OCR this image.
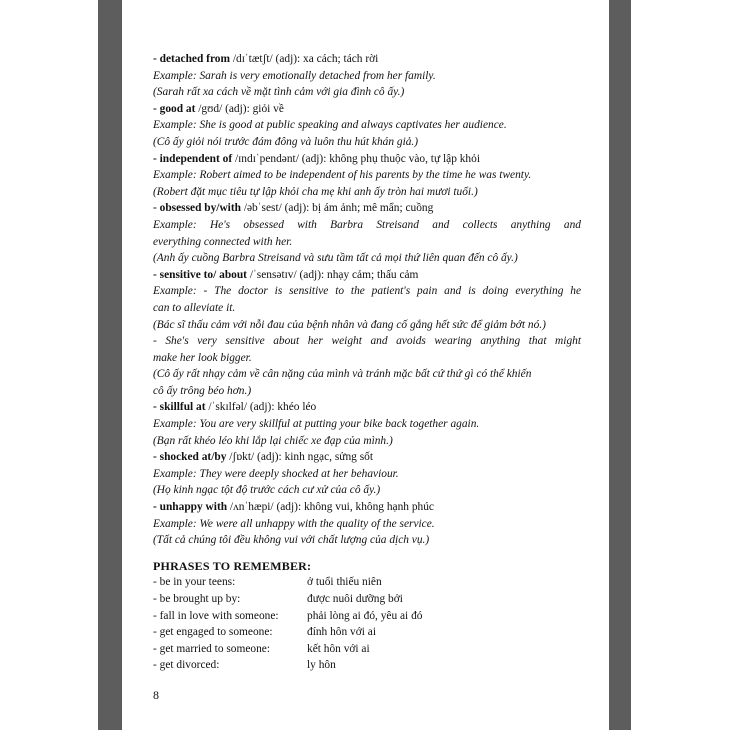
- detached from /dɪˈtætʃt/ (adj): xa cách; tách rời
Example: Sarah is very emotionally detached from her family.
(Sarah rất xa cách về mặt tình cảm với gia đình cô ấy.)
- good at /gʊd/ (adj): giỏi về
Example: She is good at public speaking and always captivates her audience.
(Cô ấy giỏi nói trước đám đông và luôn thu hút khán giả.)
- independent of /ɪndɪˈpendənt/ (adj): không phụ thuộc vào, tự lập khỏi
Example: Robert aimed to be independent of his parents by the time he was twenty.
(Robert đặt mục tiêu tự lập khỏi cha mẹ khi anh ấy tròn hai mươi tuổi.)
- obsessed by/with /əbˈsest/ (adj): bị ám ảnh; mê mẩn; cuồng
Example: He's obsessed with Barbra Streisand and collects anything and
everything connected with her.
(Anh ấy cuồng Barbra Streisand và sưu tầm tất cả mọi thứ liên quan đến cô ấy.)
- sensitive to/ about /ˈsensətɪv/ (adj): nhạy cảm; thấu cảm
Example: - The doctor is sensitive to the patient's pain and is doing everything he
can to alleviate it.
(Bác sĩ thấu cảm với nỗi đau của bệnh nhân và đang cố gắng hết sức để giảm bớt nó.)
- She's very sensitive about her weight and avoids wearing anything that might
make her look bigger.
(Cô ấy rất nhạy cảm về cân nặng của mình và tránh mặc bất cứ thứ gì có thể khiến
cô ấy trông béo hơn.)
- skillful at /ˈskɪlfəl/ (adj): khéo léo
Example: You are very skillful at putting your bike back together again.
(Bạn rất khéo léo khi lắp lại chiếc xe đạp của mình.)
- shocked at/by /ʃɒkt/ (adj): kinh ngạc, sửng sốt
Example: They were deeply shocked at her behaviour.
(Họ kinh ngạc tột độ trước cách cư xử của cô ấy.)
- unhappy with /ʌnˈhæpi/ (adj): không vui, không hạnh phúc
Example: We were all unhappy with the quality of the service.
(Tất cả chúng tôi đều không vui với chất lượng của dịch vụ.)
PHRASES TO REMEMBER:
- be in your teens:	ở tuổi thiếu niên
- be brought up by:	được nuôi dưỡng bởi
- fall in love with someone:	phải lòng ai đó, yêu ai đó
- get engaged to someone:	đính hôn với ai
- get married to someone:	kết hôn với ai
- get divorced:	ly hôn
8
